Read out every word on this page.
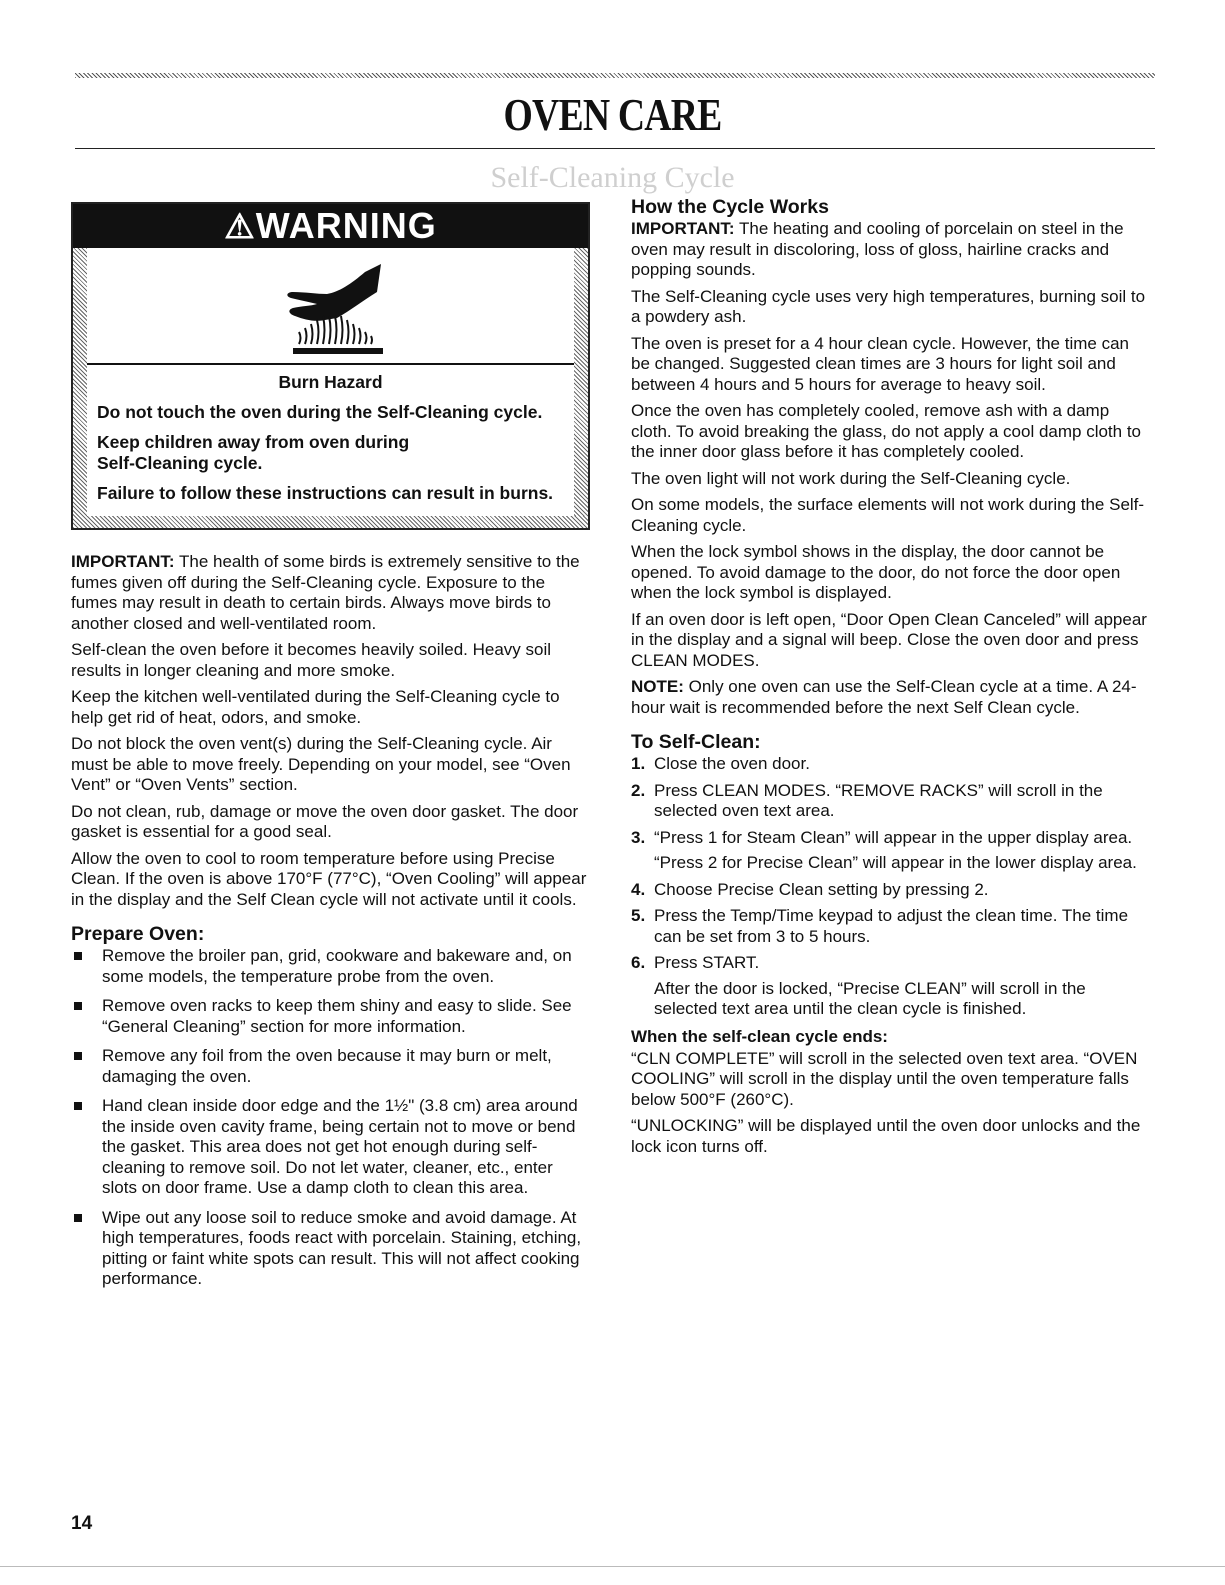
OVEN CARE
Self-Cleaning Cycle
⚠WARNING

Burn Hazard

Do not touch the oven during the Self-Cleaning cycle.

Keep children away from oven during Self-Cleaning cycle.

Failure to follow these instructions can result in burns.

IMPORTANT: The health of some birds is extremely sensitive to the fumes given off during the Self-Cleaning cycle. Exposure to the fumes may result in death to certain birds. Always move birds to another closed and well-ventilated room.

Self-clean the oven before it becomes heavily soiled. Heavy soil results in longer cleaning and more smoke.

Keep the kitchen well-ventilated during the Self-Cleaning cycle to help get rid of heat, odors, and smoke.

Do not block the oven vent(s) during the Self-Cleaning cycle. Air must be able to move freely. Depending on your model, see “Oven Vent” or “Oven Vents” section.

Do not clean, rub, damage or move the oven door gasket. The door gasket is essential for a good seal.

Allow the oven to cool to room temperature before using Precise Clean. If the oven is above 170°F (77°C), “Oven Cooling” will appear in the display and the Self Clean cycle will not activate until it cools.

Prepare Oven:
Remove the broiler pan, grid, cookware and bakeware and, on some models, the temperature probe from the oven.
Remove oven racks to keep them shiny and easy to slide. See “General Cleaning” section for more information.
Remove any foil from the oven because it may burn or melt, damaging the oven.
Hand clean inside door edge and the 1½" (3.8 cm) area around the inside oven cavity frame, being certain not to move or bend the gasket. This area does not get hot enough during self-cleaning to remove soil. Do not let water, cleaner, etc., enter slots on door frame. Use a damp cloth to clean this area.
Wipe out any loose soil to reduce smoke and avoid damage. At high temperatures, foods react with porcelain. Staining, etching, pitting or faint white spots can result. This will not affect cooking performance.
How the Cycle Works

IMPORTANT: The heating and cooling of porcelain on steel in the oven may result in discoloring, loss of gloss, hairline cracks and popping sounds.

The Self-Cleaning cycle uses very high temperatures, burning soil to a powdery ash.

The oven is preset for a 4 hour clean cycle. However, the time can be changed. Suggested clean times are 3 hours for light soil and between 4 hours and 5 hours for average to heavy soil.

Once the oven has completely cooled, remove ash with a damp cloth. To avoid breaking the glass, do not apply a cool damp cloth to the inner door glass before it has completely cooled.

The oven light will not work during the Self-Cleaning cycle.

On some models, the surface elements will not work during the Self-Cleaning cycle.

When the lock symbol shows in the display, the door cannot be opened. To avoid damage to the door, do not force the door open when the lock symbol is displayed.

If an oven door is left open, “Door Open Clean Canceled” will appear in the display and a signal will beep. Close the oven door and press CLEAN MODES.

NOTE: Only one oven can use the Self-Clean cycle at a time. A 24-hour wait is recommended before the next Self Clean cycle.

To Self-Clean:
1. Close the oven door.
2. Press CLEAN MODES. “REMOVE RACKS” will scroll in the selected oven text area.
3. “Press 1 for Steam Clean” will appear in the upper display area.
“Press 2 for Precise Clean” will appear in the lower display area.
4. Choose Precise Clean setting by pressing 2.
5. Press the Temp/Time keypad to adjust the clean time. The time can be set from 3 to 5 hours.
6. Press START.
After the door is locked, “Precise CLEAN” will scroll in the selected text area until the clean cycle is finished.
When the self-clean cycle ends:

“CLN COMPLETE” will scroll in the selected oven text area. “OVEN COOLING” will scroll in the display until the oven temperature falls below 500°F (260°C).

“UNLOCKING” will be displayed until the oven door unlocks and the lock icon turns off.

14
